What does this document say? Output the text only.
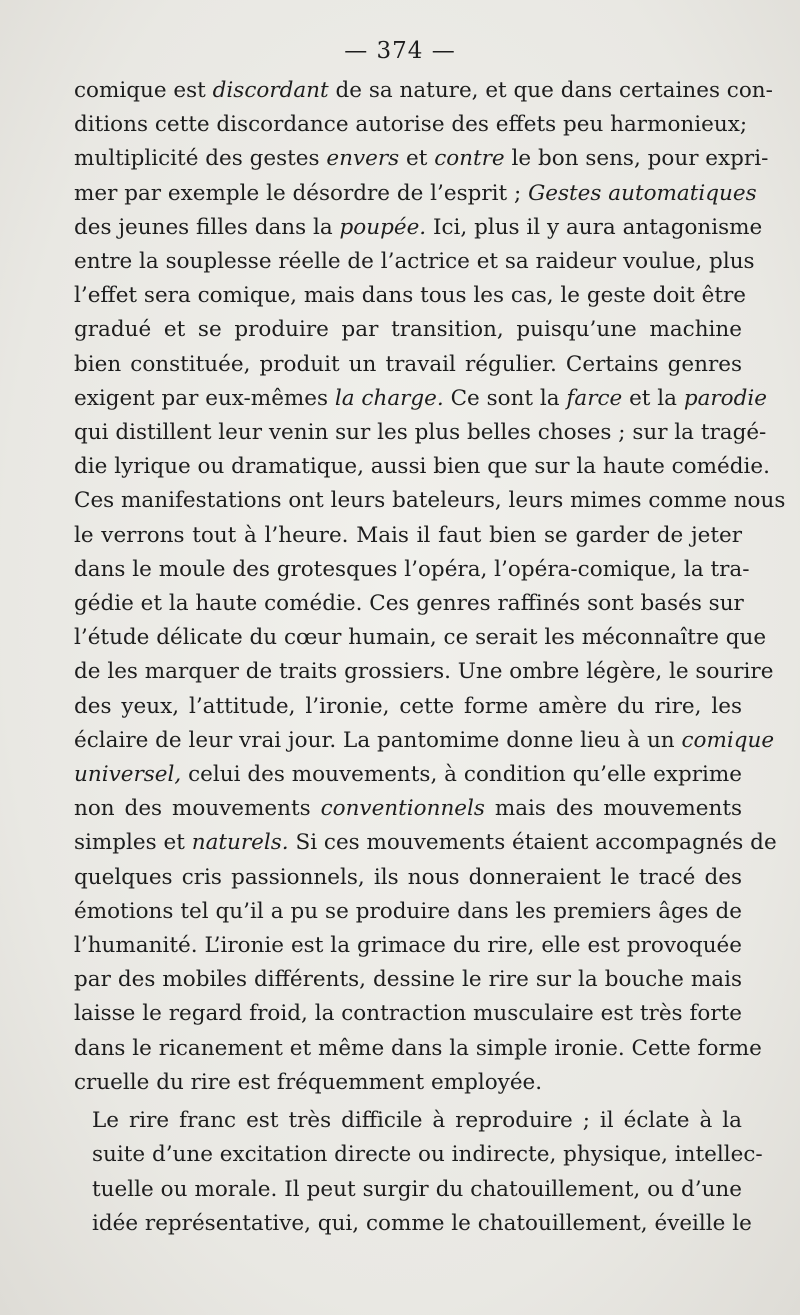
— 374 —

comique est discordant de sa nature, et que dans certaines con-
ditions cette discordance autorise des effets peu harmonieux;
multiplicité des gestes envers et contre le bon sens, pour expri-
mer par exemple le désordre de l’esprit ; Gestes automatiques
des jeunes filles dans la poupée. Ici, plus il y aura antagonisme
entre la souplesse réelle de l’actrice et sa raideur voulue, plus
l’effet sera comique, mais dans tous les cas, le geste doit être
gradué et se produire par transition, puisqu’une machine
bien constituée, produit un travail régulier. Certains genres
exigent par eux-mêmes la charge. Ce sont la farce et la parodie
qui distillent leur venin sur les plus belles choses ; sur la tragé-
die lyrique ou dramatique, aussi bien que sur la haute comédie.
Ces manifestations ont leurs bateleurs, leurs mimes comme nous
le verrons tout à l’heure. Mais il faut bien se garder de jeter
dans le moule des grotesques l’opéra, l’opéra-comique, la tra-
gédie et la haute comédie. Ces genres raffinés sont basés sur
l’étude délicate du cœur humain, ce serait les méconnaître que
de les marquer de traits grossiers. Une ombre légère, le sourire
des yeux, l’attitude, l’ironie, cette forme amère du rire, les
éclaire de leur vrai jour. La pantomime donne lieu à un comique
universel, celui des mouvements, à condition qu’elle exprime
non des mouvements conventionnels mais des mouvements
simples et naturels. Si ces mouvements étaient accompagnés de
quelques cris passionnels, ils nous donneraient le tracé des
émotions tel qu’il a pu se produire dans les premiers âges de
l’humanité. L’ironie est la grimace du rire, elle est provoquée
par des mobiles différents, dessine le rire sur la bouche mais
laisse le regard froid, la contraction musculaire est très forte
dans le ricanement et même dans la simple ironie. Cette forme
cruelle du rire est fréquemment employée.

Le rire franc est très difficile à reproduire ; il éclate à la
suite d’une excitation directe ou indirecte, physique, intellec-
tuelle ou morale. Il peut surgir du chatouillement, ou d’une
idée représentative, qui, comme le chatouillement, éveille le
